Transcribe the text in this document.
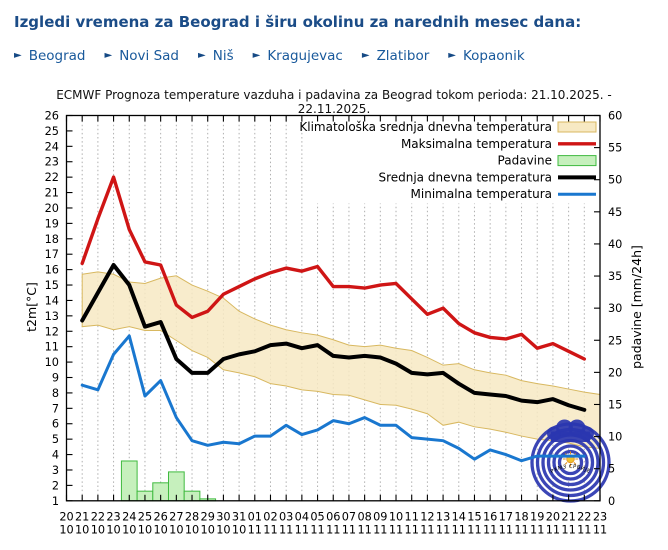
Izgledi vremena za Beograd i širu okolinu za narednih mesec dana:
► Beograd ► Novi Sad ► Niš ► Kragujevac ► Zlatibor ► Kopaonik
ECMWF Prognoza temperature vazduha i padavina za Beograd tokom perioda: 21.10.2025. - 22.11.2025.
РХМЗ СРБИЈЕ
Klimatološka srednja dnevna temperatura
Maksimalna temperatura
Padavine
Srednja dnevna temperatura
Minimalna temperatura
20
10
21
10
22
10
23
10
24
10
25
10
26
10
27
10
28
10
29
10
30
10
31
10
01
11
02
11
03
11
04
11
05
11
06
11
07
11
08
11
09
11
10
11
11
11
12
11
13
11
14
11
15
11
16
11
17
11
18
11
19
11
20
11
21
11
22
11
23
11
1
2
3
4
5
6
7
8
9
10
11
12
13
14
15
16
17
18
19
20
21
22
23
24
25
26
0
5
10
15
20
25
30
35
40
45
50
55
60
t2m[°C]	padavine [mm/24h]
